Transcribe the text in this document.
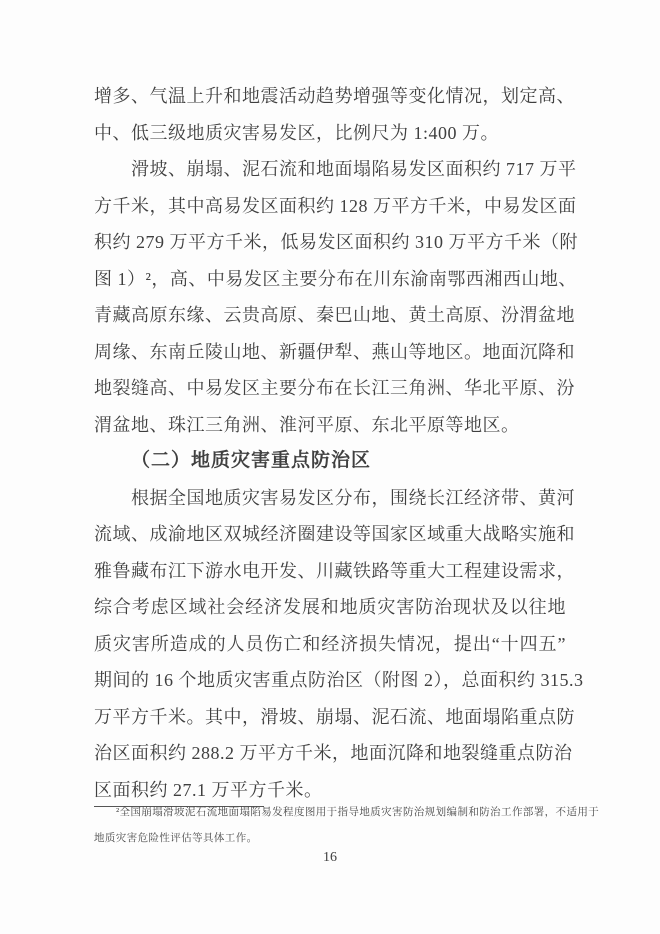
增多、气温上升和地震活动趋势增强等变化情况，划定高、
中、低三级地质灾害易发区，比例尺为 1:400 万。
滑坡、崩塌、泥石流和地面塌陷易发区面积约 717 万平
方千米，其中高易发区面积约 128 万平方千米，中易发区面
积约 279 万平方千米，低易发区面积约 310 万平方千米（附
图 1）²，高、中易发区主要分布在川东渝南鄂西湘西山地、
青藏高原东缘、云贵高原、秦巴山地、黄土高原、汾渭盆地
周缘、东南丘陵山地、新疆伊犁、燕山等地区。地面沉降和
地裂缝高、中易发区主要分布在长江三角洲、华北平原、汾
渭盆地、珠江三角洲、淮河平原、东北平原等地区。
（二）地质灾害重点防治区
根据全国地质灾害易发区分布，围绕长江经济带、黄河
流域、成渝地区双城经济圈建设等国家区域重大战略实施和
雅鲁藏布江下游水电开发、川藏铁路等重大工程建设需求，
综合考虑区域社会经济发展和地质灾害防治现状及以往地
质灾害所造成的人员伤亡和经济损失情况，提出“十四五”
期间的 16 个地质灾害重点防治区（附图 2），总面积约 315.3
万平方千米。其中，滑坡、崩塌、泥石流、地面塌陷重点防
治区面积约 288.2 万平方千米，地面沉降和地裂缝重点防治
区面积约 27.1 万平方千米。
²全国崩塌滑坡泥石流地面塌陷易发程度图用于指导地质灾害防治规划编制和防治工作部署，不适用于
地质灾害危险性评估等具体工作。
16
